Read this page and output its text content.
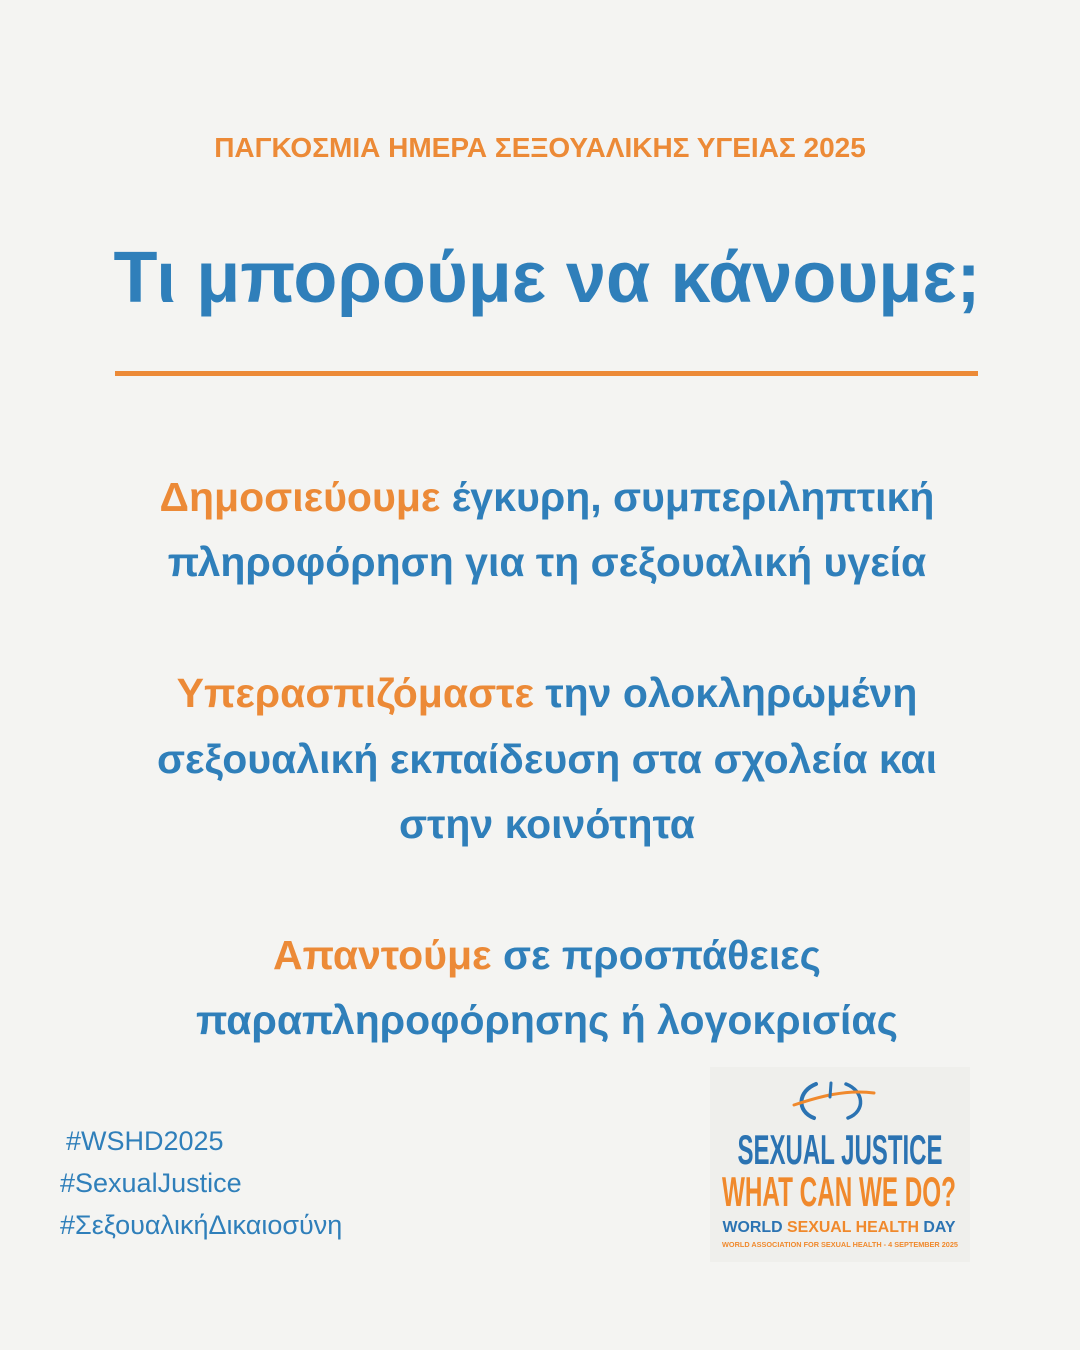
ΠΑΓΚΟΣΜΙΑ ΗΜΕΡΑ ΣΕΞΟΥΑΛΙΚΗΣ ΥΓΕΙΑΣ 2025
Τι μπορούμε να κάνουμε;

Δημοσιεύουμε έγκυρη, συμπεριληπτική
πληροφόρηση για τη σεξουαλική υγεία

Υπερασπιζόμαστε την ολοκληρωμένη
σεξουαλική εκπαίδευση στα σχολεία και
στην κοινότητα

Απαντούμε σε προσπάθειες
παραπληροφόρησης ή λογοκρισίας

#WSHD2025
#SexualJustice
#ΣεξουαλικήΔικαιοσύνη
SEXUAL JUSTICE
WHAT CAN WE DO?
WORLD SEXUAL HEALTH DAY
WORLD ASSOCIATION FOR SEXUAL HEALTH - 4 SEPTEMBER 2025
